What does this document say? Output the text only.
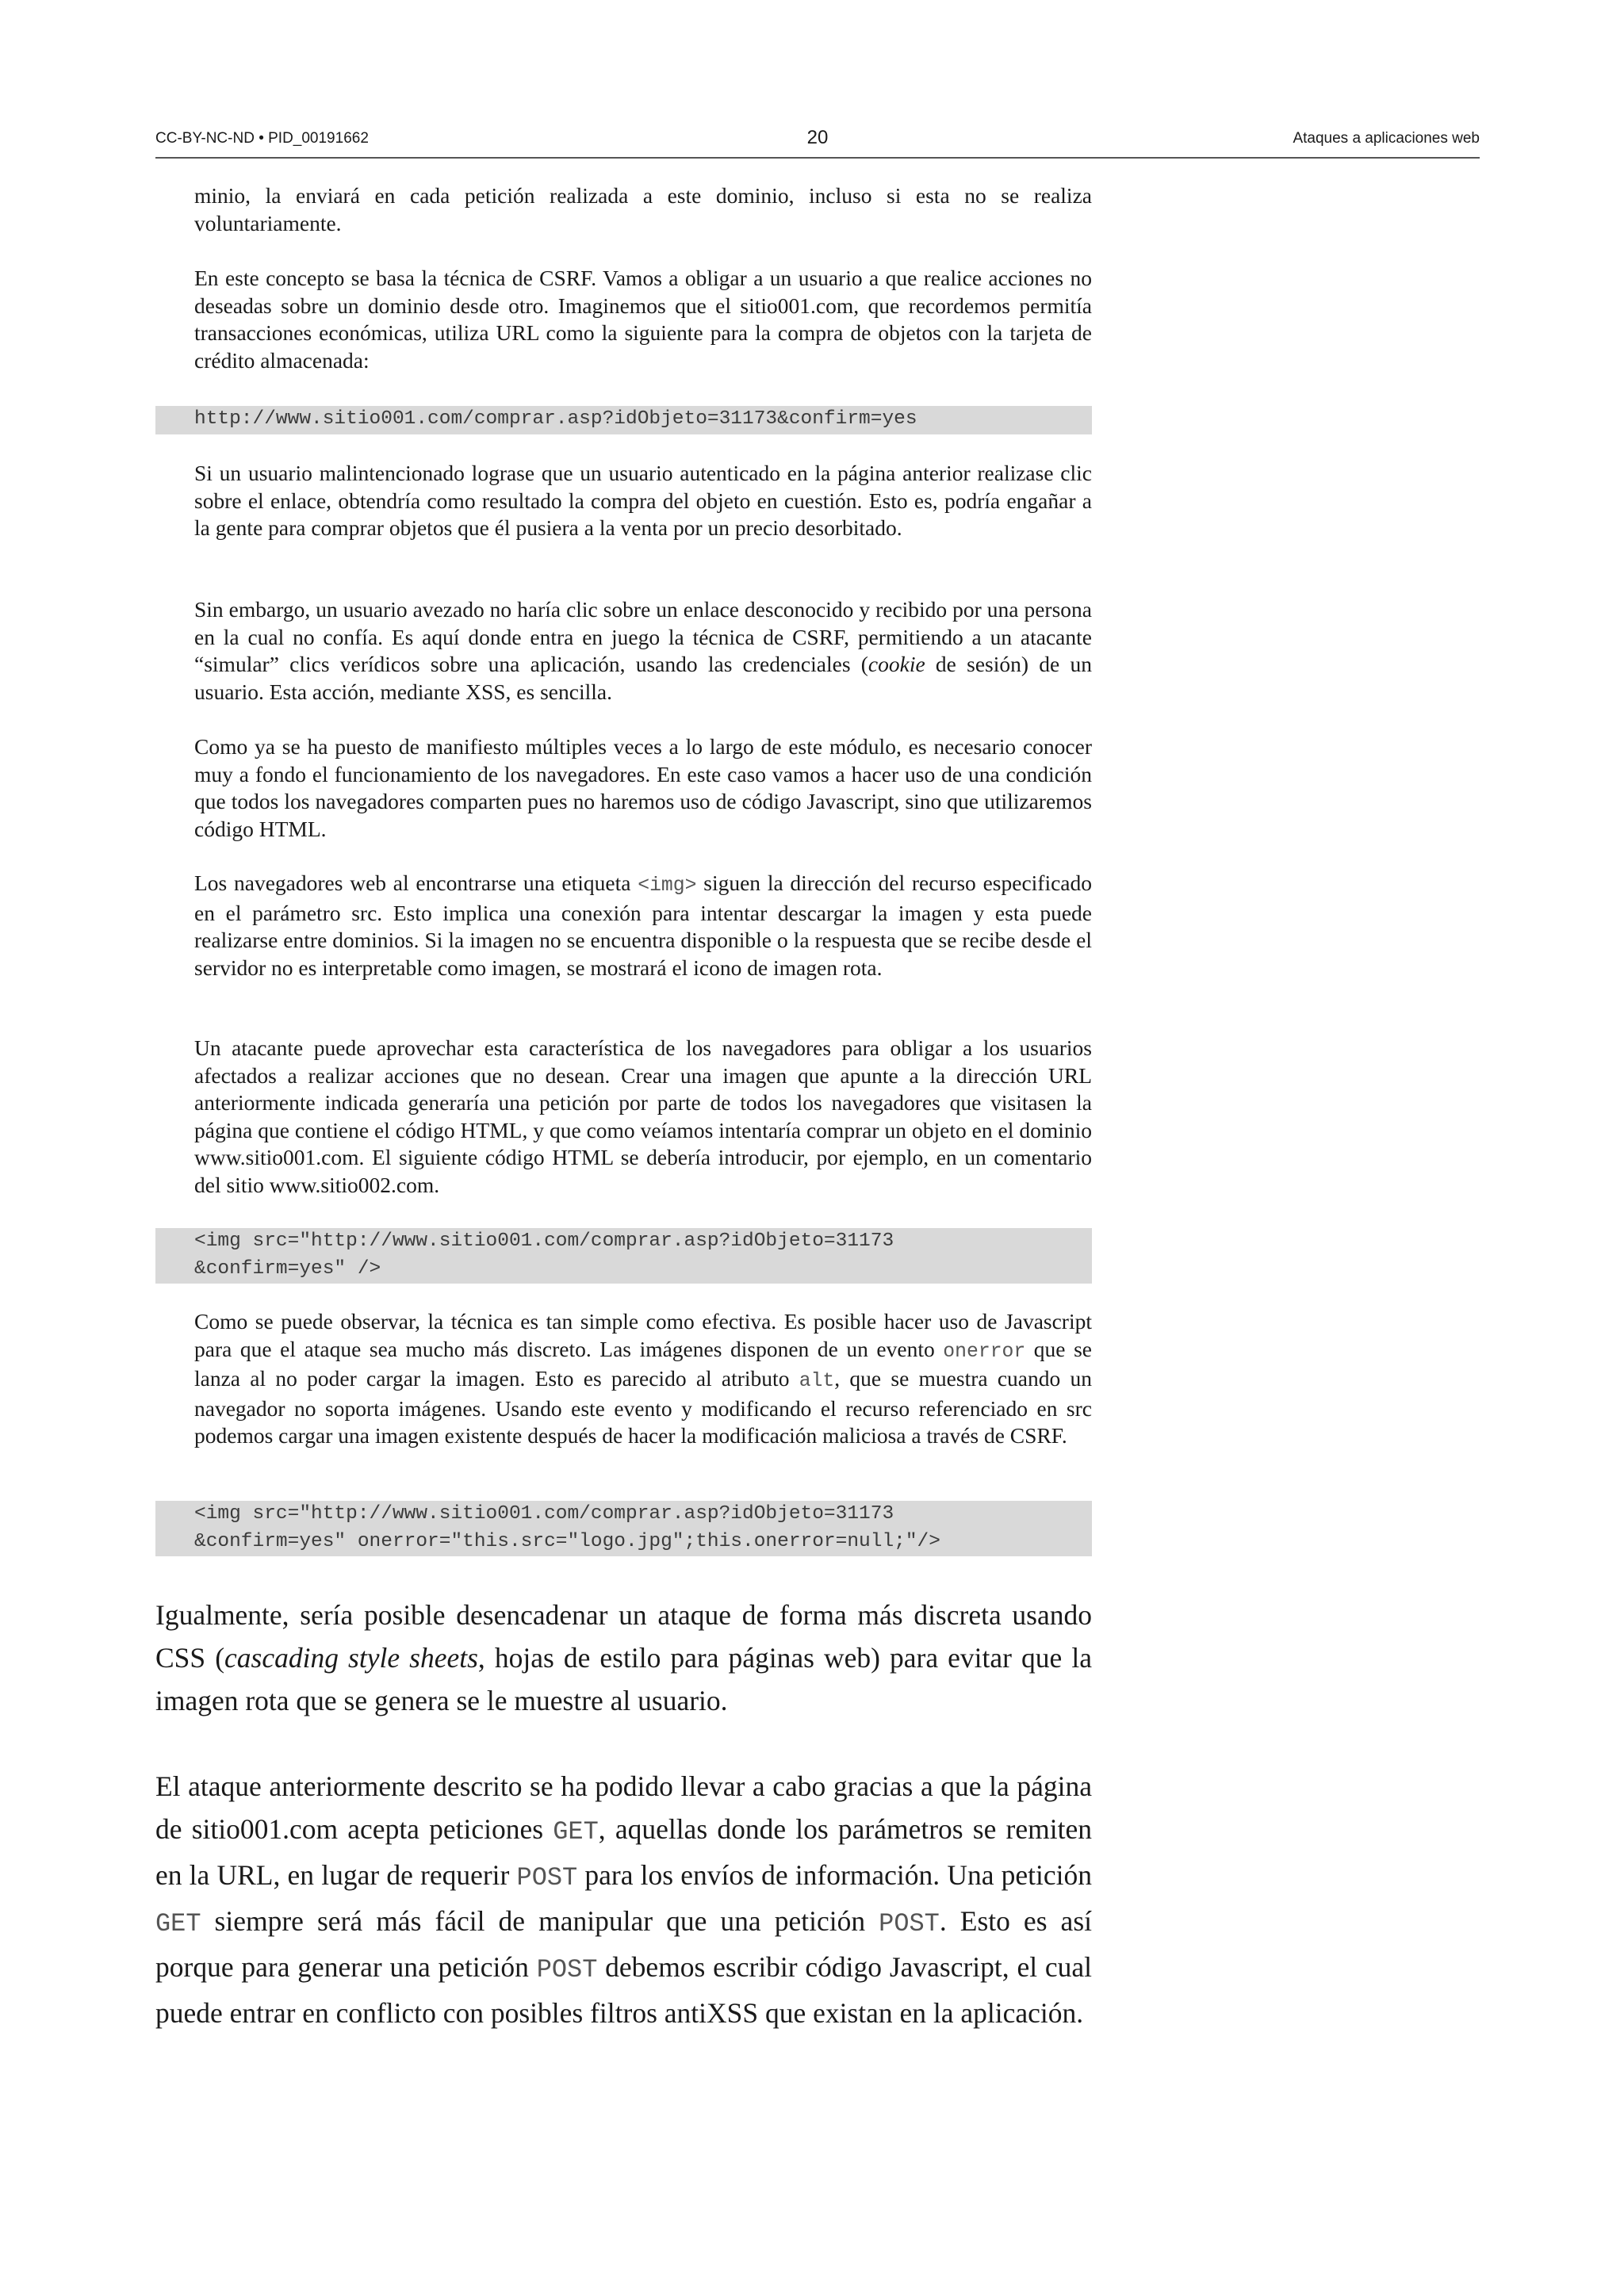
CC-BY-NC-ND • PID_00191662	20	Ataques a aplicaciones web

minio, la enviará en cada petición realizada a este dominio, incluso si esta no se realiza voluntariamente.

En este concepto se basa la técnica de CSRF. Vamos a obligar a un usuario a que realice acciones no deseadas sobre un dominio desde otro. Imaginemos que el sitio001.com, que recordemos permitía transacciones económicas, utiliza URL como la siguiente para la compra de objetos con la tarjeta de crédito almacenada:

http://www.sitio001.com/comprar.asp?idObjeto=31173&confirm=yes

Si un usuario malintencionado lograse que un usuario autenticado en la página anterior realizase clic sobre el enlace, obtendría como resultado la compra del objeto en cuestión. Esto es, podría engañar a la gente para comprar objetos que él pusiera a la venta por un precio desorbitado.

Sin embargo, un usuario avezado no haría clic sobre un enlace desconocido y recibido por una persona en la cual no confía. Es aquí donde entra en juego la técnica de CSRF, permitiendo a un atacante “simular” clics verídicos sobre una aplicación, usando las credenciales (cookie de sesión) de un usuario. Esta acción, mediante XSS, es sencilla.

Como ya se ha puesto de manifiesto múltiples veces a lo largo de este módulo, es necesario conocer muy a fondo el funcionamiento de los navegadores. En este caso vamos a hacer uso de una condición que todos los navegadores comparten pues no haremos uso de código Javascript, sino que utilizaremos código HTML.

Los navegadores web al encontrarse una etiqueta <img> siguen la dirección del recurso especificado en el parámetro src. Esto implica una conexión para intentar descargar la imagen y esta puede realizarse entre dominios. Si la imagen no se encuentra disponible o la respuesta que se recibe desde el servidor no es interpretable como imagen, se mostrará el icono de imagen rota.

Un atacante puede aprovechar esta característica de los navegadores para obligar a los usuarios afectados a realizar acciones que no desean. Crear una imagen que apunte a la dirección URL anteriormente indicada generaría una petición por parte de todos los navegadores que visitasen la página que contiene el código HTML, y que como veíamos intentaría comprar un objeto en el dominio www.sitio001.com. El siguiente código HTML se debería introducir, por ejemplo, en un comentario del sitio www.sitio002.com.

<img src="http://www.sitio001.com/comprar.asp?idObjeto=31173
&confirm=yes" />

Como se puede observar, la técnica es tan simple como efectiva. Es posible hacer uso de Javascript para que el ataque sea mucho más discreto. Las imágenes disponen de un evento onerror que se lanza al no poder cargar la imagen. Esto es parecido al atributo alt, que se muestra cuando un navegador no soporta imágenes. Usando este evento y modificando el recurso referenciado en src podemos cargar una imagen existente después de hacer la modificación maliciosa a través de CSRF.

<img src="http://www.sitio001.com/comprar.asp?idObjeto=31173
&confirm=yes" onerror="this.src="logo.jpg";this.onerror=null;"/>

Igualmente, sería posible desencadenar un ataque de forma más discreta usando CSS (cascading style sheets, hojas de estilo para páginas web) para evitar que la imagen rota que se genera se le muestre al usuario.

El ataque anteriormente descrito se ha podido llevar a cabo gracias a que la página de sitio001.com acepta peticiones GET, aquellas donde los parámetros se remiten en la URL, en lugar de requerir POST para los envíos de información. Una petición GET siempre será más fácil de manipular que una petición POST. Esto es así porque para generar una petición POST debemos escribir código Javascript, el cual puede entrar en conflicto con posibles filtros antiXSS que existan en la aplicación.
